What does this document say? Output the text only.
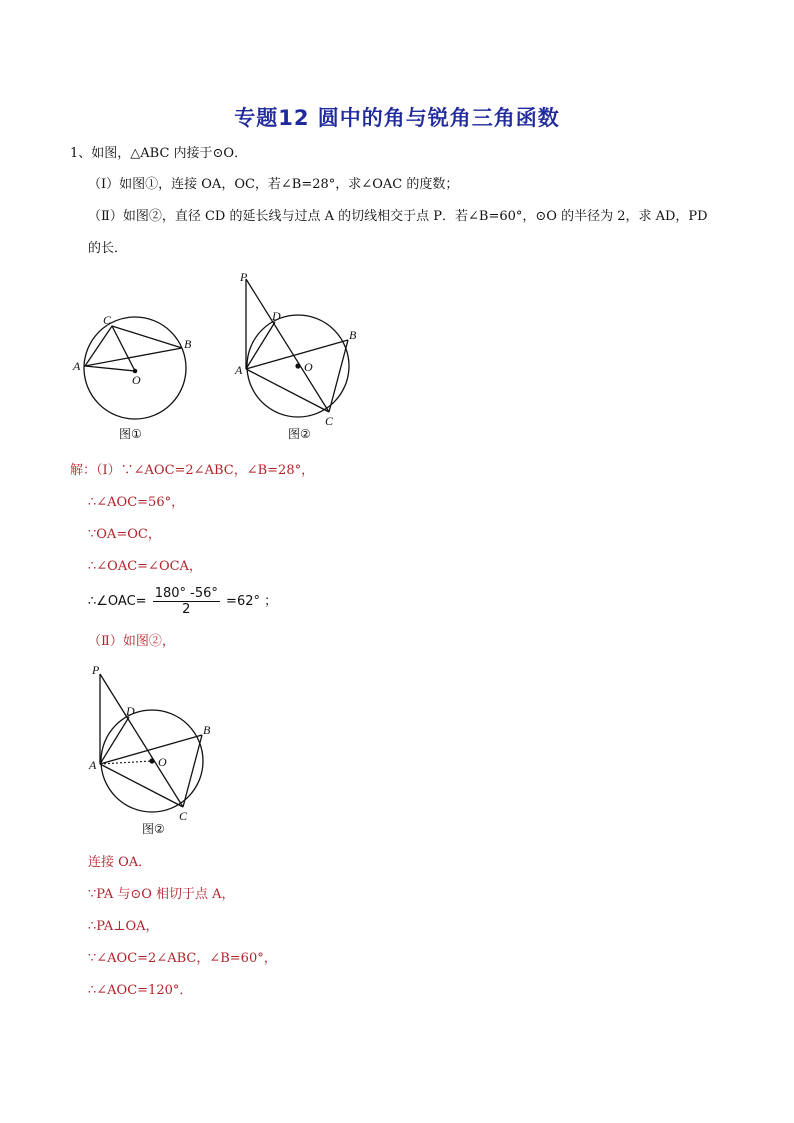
专题12 圆中的角与锐角三角函数
1、如图，△ABC 内接于⊙O．
（Ⅰ）如图①，连接 OA，OC，若∠B=28°，求∠OAC 的度数；
（Ⅱ）如图②，直径 CD 的延长线与过点 A 的切线相交于点 P．若∠B=60°，⊙O 的半径为 2，求 AD，PD
的长．
A
B
C
O
图①
P
D
B
A	O
C
图②
解：（Ⅰ）∵∠AOC=2∠ABC，∠B=28°，
∴∠AOC=56°，
∵OA=OC，
∴∠OAC=∠OCA，
∴∠OAC= $\frac{180^\circ -56^\circ}{2} =62^\circ$ ；
（Ⅱ）如图②，
P
D
B
A	O
C
图②
连接 OA．
∵PA 与⊙O 相切于点 A，
∴PA⊥OA，
∵∠AOC=2∠ABC，∠B=60°，
∴∠AOC=120°．
